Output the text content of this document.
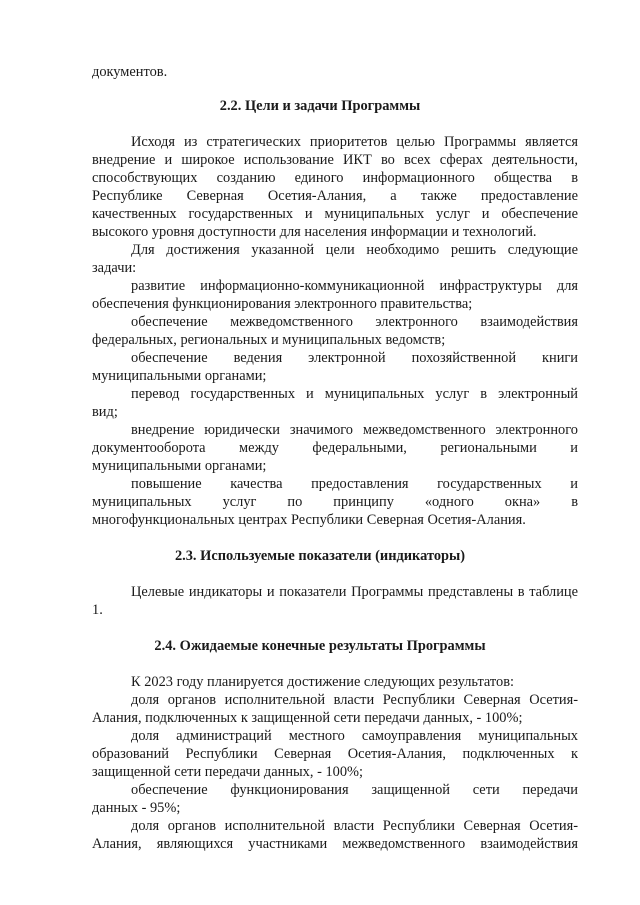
документов.

2.2. Цели и задачи Программы

Исходя из стратегических приоритетов целью Программы является

внедрение и широкое использование ИКТ во всех сферах деятельности,

способствующих созданию единого информационного общества в

Республике Северная Осетия-Алания, а также предоставление

качественных государственных и муниципальных услуг и обеспечение

высокого уровня доступности для населения информации и технологий.

Для достижения указанной цели необходимо решить следующие

задачи:

развитие информационно-коммуникационной инфраструктуры для

обеспечения функционирования электронного правительства;

обеспечение межведомственного электронного взаимодействия

федеральных, региональных и муниципальных ведомств;

обеспечение ведения электронной похозяйственной книги

муниципальными органами;

перевод государственных и муниципальных услуг в электронный

вид;

внедрение юридически значимого межведомственного электронного

документооборота между федеральными, региональными и

муниципальными органами;

повышение качества предоставления государственных и

муниципальных услуг по принципу «одного окна» в

многофункциональных центрах Республики Северная Осетия-Алания.

2.3. Используемые показатели (индикаторы)

Целевые индикаторы и показатели Программы представлены в таблице

1.

2.4. Ожидаемые конечные результаты Программы

К 2023 году планируется достижение следующих результатов:

доля органов исполнительной власти Республики Северная Осетия-

Алания, подключенных к защищенной сети передачи данных, - 100%;

доля администраций местного самоуправления муниципальных

образований Республики Северная Осетия-Алания, подключенных к

защищенной сети передачи данных, - 100%;

обеспечение функционирования защищенной сети передачи

данных - 95%;

доля органов исполнительной власти Республики Северная Осетия-

Алания, являющихся участниками межведомственного взаимодействия
